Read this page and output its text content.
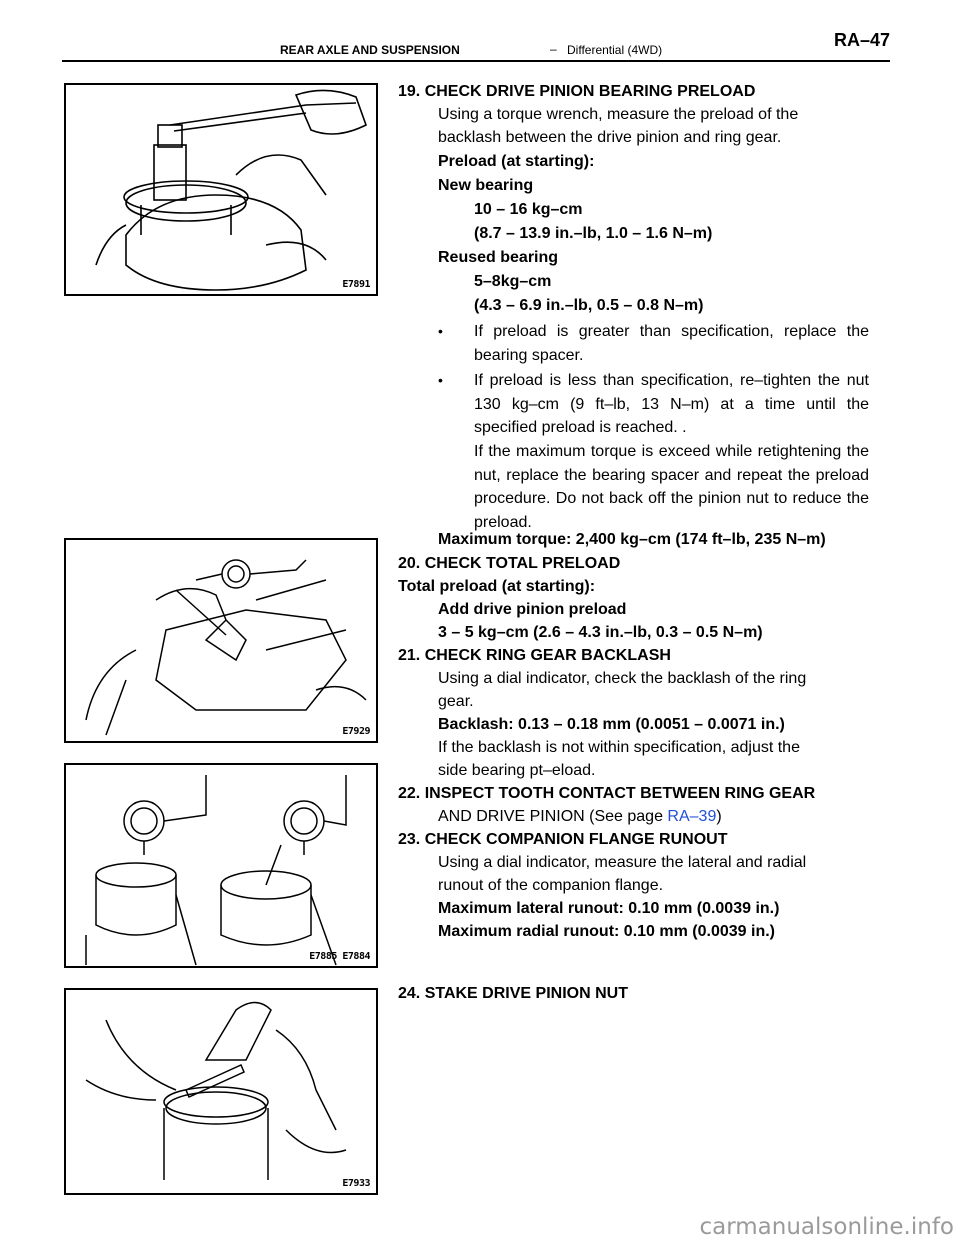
REAR AXLE AND SUSPENSION	– Differential (4WD)	RA–47
E7891
E7929
E7885 E7884
E7933
19. CHECK DRIVE PINION BEARING PRELOAD
Using a torque wrench, measure the preload of the
backlash between the drive pinion and ring gear.
Preload (at starting):
New bearing
10 – 16 kg–cm
(8.7 – 13.9 in.–lb, 1.0 – 1.6 N–m)
Reused bearing
5–8kg–cm
(4.3 – 6.9 in.–lb, 0.5 – 0.8 N–m)
• If preload is greater than specification, replace the bearing spacer.
• If preload is less than specification, re–tighten the nut 130 kg–cm (9 ft–lb, 13 N–m) at a time until the specified preload is reached. .
If the maximum torque is exceed while retightening the nut, replace the bearing spacer and repeat the preload procedure. Do not back off the pinion nut to reduce the preload.
Maximum torque: 2,400 kg–cm (174 ft–lb, 235 N–m)
20. CHECK TOTAL PRELOAD
Total preload (at starting):
Add drive pinion preload
3 – 5 kg–cm (2.6 – 4.3 in.–lb, 0.3 – 0.5 N–m)
21. CHECK RING GEAR BACKLASH
Using a dial indicator, check the backlash of the ring
gear.
Backlash: 0.13 – 0.18 mm (0.0051 – 0.0071 in.)
If the backlash is not within specification, adjust the
side bearing pt–eload.
22. INSPECT TOOTH CONTACT BETWEEN RING GEAR
AND DRIVE PINION (See page RA–39)
23. CHECK COMPANION FLANGE RUNOUT
Using a dial indicator, measure the lateral and radial
runout of the companion flange.
Maximum lateral runout: 0.10 mm (0.0039 in.)
Maximum radial runout: 0.10 mm (0.0039 in.)
24. STAKE DRIVE PINION NUT
carmanualsonline.info
